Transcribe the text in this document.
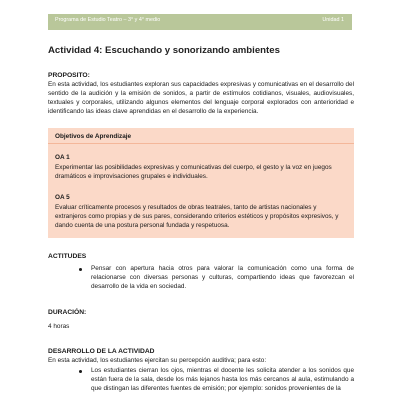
Programa de Estudio Teatro – 3° y 4° medio	Unidad 1
Actividad 4: Escuchando y sonorizando ambientes
PROPOSITO:

En esta actividad, los estudiantes exploran sus capacidades expresivas y comunicativas en el desarrollo del sentido de la audición y la emisión de sonidos, a partir de estímulos cotidianos, visuales, audiovisuales, textuales y corporales, utilizando algunos elementos del lenguaje corporal explorados con anterioridad e identificando las ideas clave aprendidas en el desarrollo de la experiencia.

Objetivos de Aprendizaje
OA 1

Experimentar las posibilidades expresivas y comunicativas del cuerpo, el gesto y la voz en juegos dramáticos e improvisaciones grupales e individuales.

OA 5

Evaluar críticamente procesos y resultados de obras teatrales, tanto de artistas nacionales y extranjeros como propias y de sus pares, considerando criterios estéticos y propósitos expresivos, y dando cuenta de una postura personal fundada y respetuosa.

ACTITUDES

Pensar con apertura hacia otros para valorar la comunicación como una forma de relacionarse con diversas personas y culturas, compartiendo ideas que favorezcan el desarrollo de la vida en sociedad.

DURACIÓN:

4 horas

DESARROLLO DE LA ACTIVIDAD

En esta actividad, los estudiantes ejercitan su percepción auditiva; para esto:

Los estudiantes cierran los ojos, mientras el docente les solicita atender a los sonidos que están fuera de la sala, desde los más lejanos hasta los más cercanos al aula, estimulando a que distingan las diferentes fuentes de emisión; por ejemplo: sonidos provenientes de la
